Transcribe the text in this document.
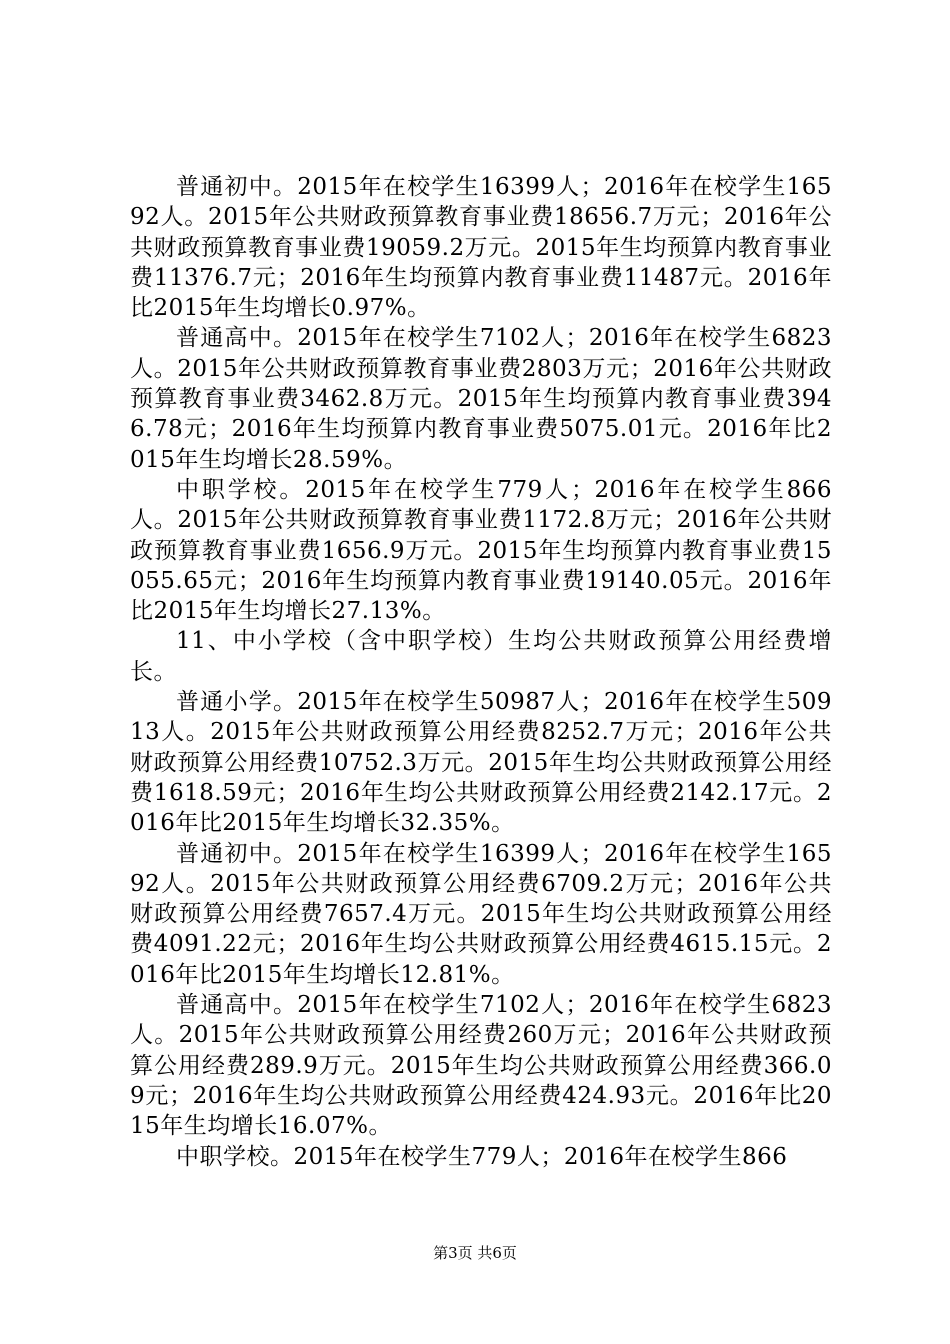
普通初中。2015年在校学生16399人；2016年在校学生16592人。2015年公共财政预算教育事业费18656.7万元；2016年公共财政预算教育事业费19059.2万元。2015年生均预算内教育事业费11376.7元；2016年生均预算内教育事业费11487元。2016年比2015年生均增长0.97%。

普通高中。2015年在校学生7102人；2016年在校学生6823人。2015年公共财政预算教育事业费2803万元；2016年公共财政预算教育事业费3462.8万元。2015年生均预算内教育事业费3946.78元；2016年生均预算内教育事业费5075.01元。2016年比2015年生均增长28.59%。

中职学校。2015年在校学生779人；2016年在校学生866人。2015年公共财政预算教育事业费1172.8万元；2016年公共财政预算教育事业费1656.9万元。2015年生均预算内教育事业费15055.65元；2016年生均预算内教育事业费19140.05元。2016年比2015年生均增长27.13%。

11、中小学校（含中职学校）生均公共财政预算公用经费增长。

普通小学。2015年在校学生50987人；2016年在校学生50913人。2015年公共财政预算公用经费8252.7万元；2016年公共财政预算公用经费10752.3万元。2015年生均公共财政预算公用经费1618.59元；2016年生均公共财政预算公用经费2142.17元。2016年比2015年生均增长32.35%。

普通初中。2015年在校学生16399人；2016年在校学生16592人。2015年公共财政预算公用经费6709.2万元；2016年公共财政预算公用经费7657.4万元。2015年生均公共财政预算公用经费4091.22元；2016年生均公共财政预算公用经费4615.15元。2016年比2015年生均增长12.81%。

普通高中。2015年在校学生7102人；2016年在校学生6823人。2015年公共财政预算公用经费260万元；2016年公共财政预算公用经费289.9万元。2015年生均公共财政预算公用经费366.09元；2016年生均公共财政预算公用经费424.93元。2016年比2015年生均增长16.07%。

中职学校。2015年在校学生779人；2016年在校学生866

第3页 共6页
